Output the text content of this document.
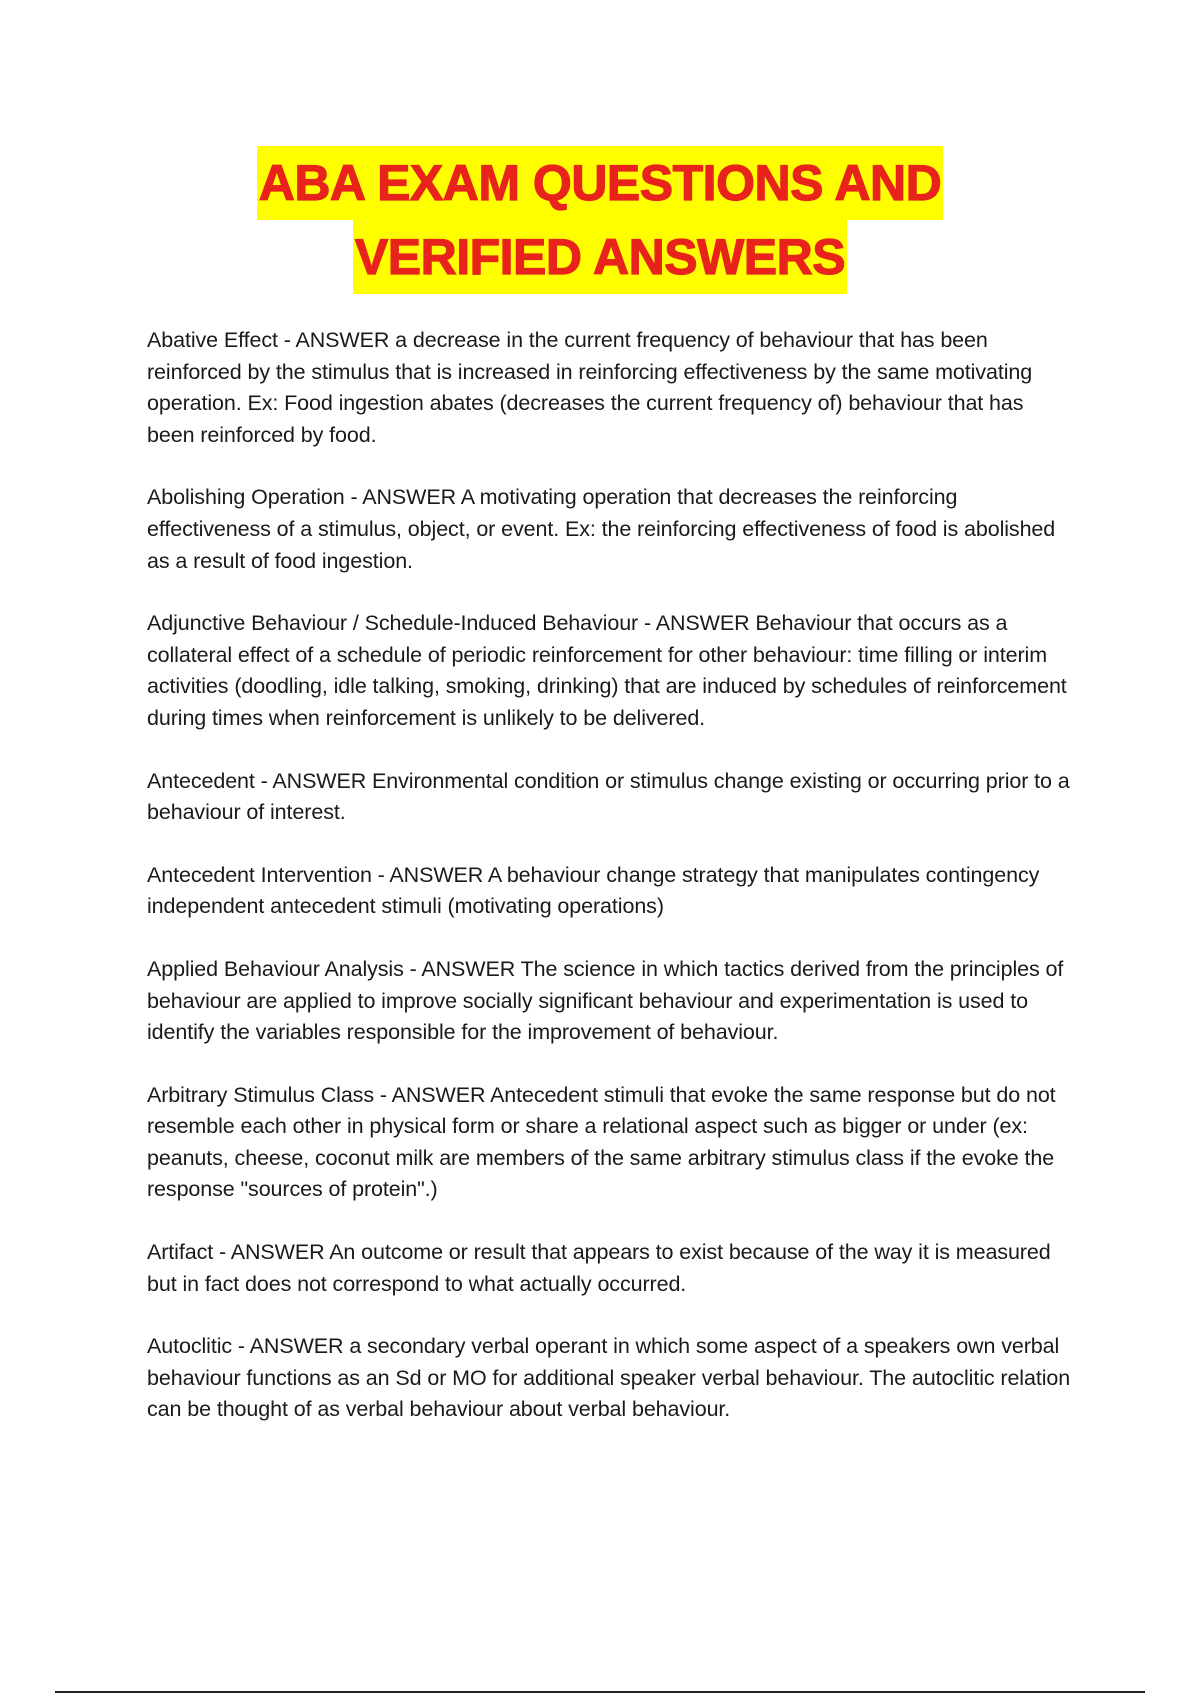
ABA EXAM QUESTIONS AND
VERIFIED ANSWERS

Abative Effect - ANSWER a decrease in the current frequency of behaviour that has been reinforced by the stimulus that is increased in reinforcing effectiveness by the same motivating operation. Ex: Food ingestion abates (decreases the current frequency of) behaviour that has been reinforced by food.

Abolishing Operation - ANSWER A motivating operation that decreases the reinforcing effectiveness of a stimulus, object, or event. Ex: the reinforcing effectiveness of food is abolished as a result of food ingestion.

Adjunctive Behaviour / Schedule-Induced Behaviour - ANSWER Behaviour that occurs as a collateral effect of a schedule of periodic reinforcement for other behaviour: time filling or interim activities (doodling, idle talking, smoking, drinking) that are induced by schedules of reinforcement during times when reinforcement is unlikely to be delivered.

Antecedent - ANSWER Environmental condition or stimulus change existing or occurring prior to a behaviour of interest.

Antecedent Intervention - ANSWER A behaviour change strategy that manipulates contingency independent antecedent stimuli (motivating operations)

Applied Behaviour Analysis - ANSWER The science in which tactics derived from the principles of behaviour are applied to improve socially significant behaviour and experimentation is used to identify the variables responsible for the improvement of behaviour.

Arbitrary Stimulus Class - ANSWER Antecedent stimuli that evoke the same response but do not resemble each other in physical form or share a relational aspect such as bigger or under (ex: peanuts, cheese, coconut milk are members of the same arbitrary stimulus class if the evoke the response "sources of protein".)

Artifact - ANSWER An outcome or result that appears to exist because of the way it is measured but in fact does not correspond to what actually occurred.

Autoclitic - ANSWER a secondary verbal operant in which some aspect of a speakers own verbal behaviour functions as an Sd or MO for additional speaker verbal behaviour. The autoclitic relation can be thought of as verbal behaviour about verbal behaviour.
